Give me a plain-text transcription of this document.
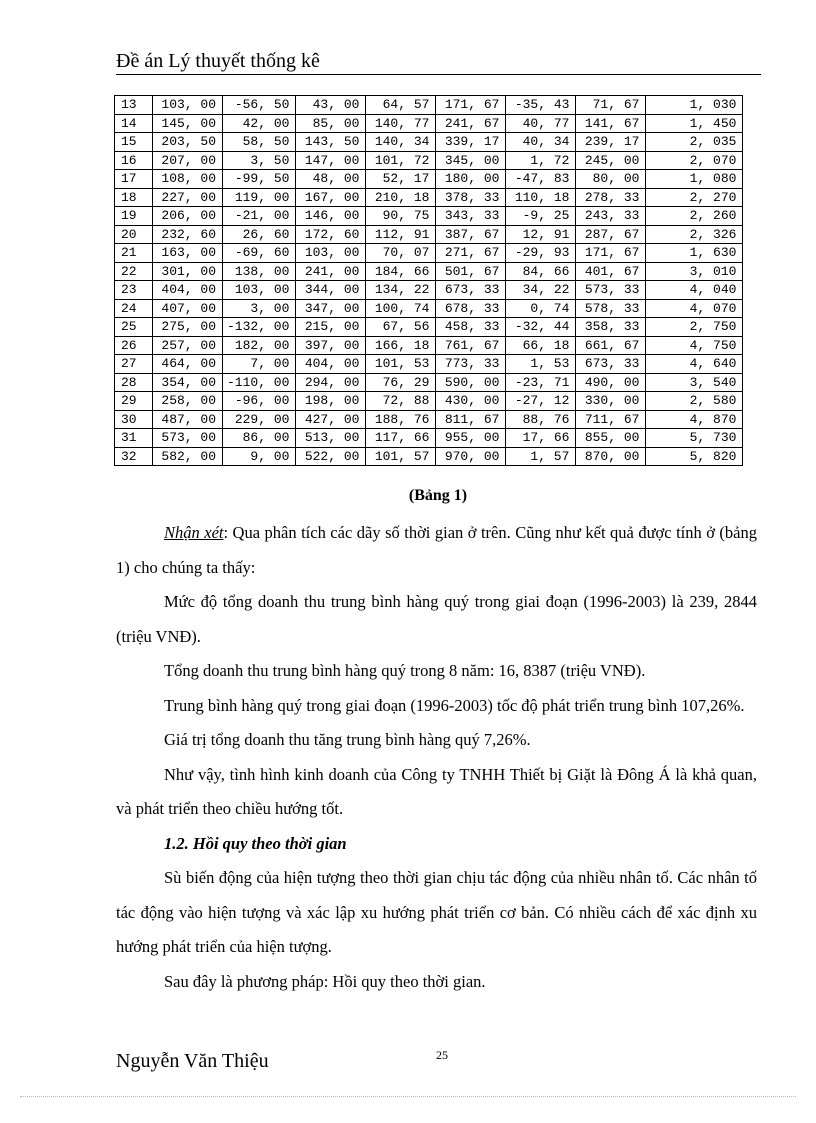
Đề án Lý thuyết thống kê
13	103, 00	-56, 50	43, 00	64, 57	171, 67	-35, 43	71, 67	1, 030
14	145, 00	42, 00	85, 00	140, 77	241, 67	40, 77	141, 67	1, 450
15	203, 50	58, 50	143, 50	140, 34	339, 17	40, 34	239, 17	2, 035
16	207, 00	3, 50	147, 00	101, 72	345, 00	1, 72	245, 00	2, 070
17	108, 00	-99, 50	48, 00	52, 17	180, 00	-47, 83	80, 00	1, 080
18	227, 00	119, 00	167, 00	210, 18	378, 33	110, 18	278, 33	2, 270
19	206, 00	-21, 00	146, 00	90, 75	343, 33	-9, 25	243, 33	2, 260
20	232, 60	26, 60	172, 60	112, 91	387, 67	12, 91	287, 67	2, 326
21	163, 00	-69, 60	103, 00	70, 07	271, 67	-29, 93	171, 67	1, 630
22	301, 00	138, 00	241, 00	184, 66	501, 67	84, 66	401, 67	3, 010
23	404, 00	103, 00	344, 00	134, 22	673, 33	34, 22	573, 33	4, 040
24	407, 00	3, 00	347, 00	100, 74	678, 33	0, 74	578, 33	4, 070
25	275, 00	-132, 00	215, 00	67, 56	458, 33	-32, 44	358, 33	2, 750
26	257, 00	182, 00	397, 00	166, 18	761, 67	66, 18	661, 67	4, 750
27	464, 00	7, 00	404, 00	101, 53	773, 33	1, 53	673, 33	4, 640
28	354, 00	-110, 00	294, 00	76, 29	590, 00	-23, 71	490, 00	3, 540
29	258, 00	-96, 00	198, 00	72, 88	430, 00	-27, 12	330, 00	2, 580
30	487, 00	229, 00	427, 00	188, 76	811, 67	88, 76	711, 67	4, 870
31	573, 00	86, 00	513, 00	117, 66	955, 00	17, 66	855, 00	5, 730
32	582, 00	9, 00	522, 00	101, 57	970, 00	1, 57	870, 00	5, 820
(Bảng 1)

Nhận xét: Qua phân tích các dãy số thời gian ở trên. Cũng như kết quả được tính ở (bảng 1) cho chúng ta thấy:

Mức độ tổng doanh thu trung bình hàng quý trong giai đoạn (1996-2003) là 239, 2844 (triệu VNĐ).

Tổng doanh thu trung bình hàng quý trong 8 năm: 16, 8387 (triệu VNĐ).

Trung bình hàng quý trong giai đoạn (1996-2003) tốc độ phát triển trung bình 107,26%.

Giá trị tổng doanh thu tăng trung bình hàng quý 7,26%.

Như vậy, tình hình kinh doanh của Công ty TNHH Thiết bị Giặt là Đông Á là khả quan, và phát triển theo chiều hướng tốt.

1.2. Hồi quy theo thời gian

Sù biến động của hiện tượng theo thời gian chịu tác động của nhiều nhân tố. Các nhân tố tác động vào hiện tượng và xác lập xu hướng phát triển cơ bản. Có nhiều cách để xác định xu hướng phát triển của hiện tượng.

Sau đây là phương pháp: Hồi quy theo thời gian.

Nguyễn Văn Thiệu	25
